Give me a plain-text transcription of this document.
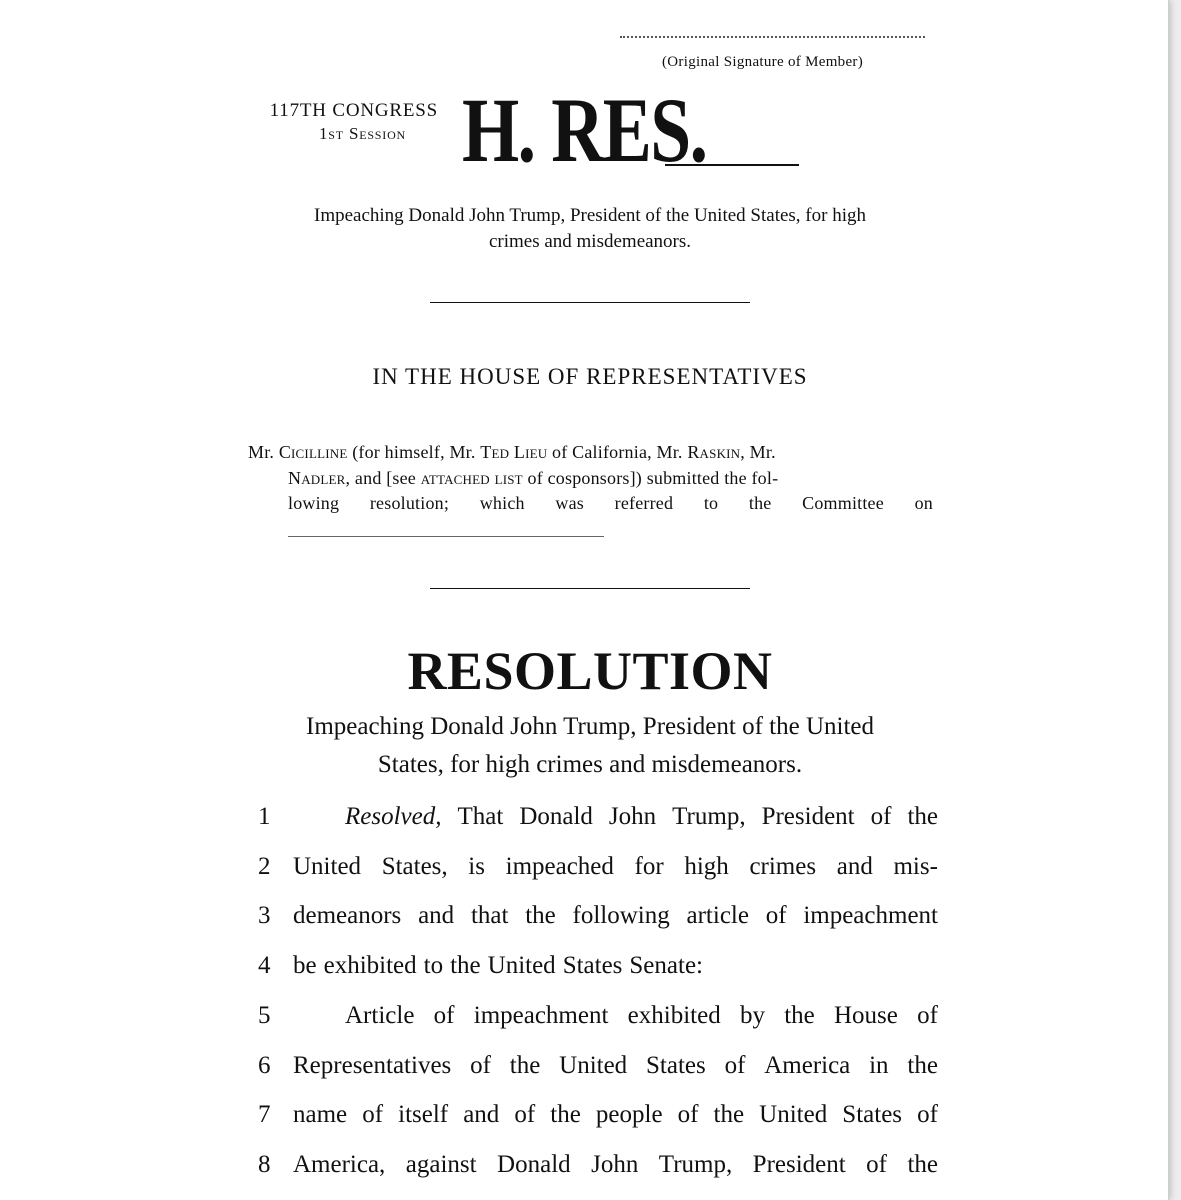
(Original Signature of Member)
117TH CONGRESS
1st Session H. RES.
Impeaching Donald John Trump, President of the United States, for high
crimes and misdemeanors.
IN THE HOUSE OF REPRESENTATIVES
Mr. Cicilline (for himself, Mr. Ted Lieu of California, Mr. Raskin, Mr.
Nadler, and [see attached list of cosponsors]) submitted the fol-
lowing resolution; which was referred to the Committee on
RESOLUTION
Impeaching Donald John Trump, President of the United
States, for high crimes and misdemeanors.
1	Resolved, That Donald John Trump, President of the
2 United States, is impeached for high crimes and mis-
3 demeanors and that the following article of impeachment
4 be exhibited to the United States Senate:
5	Article of impeachment exhibited by the House of
6 Representatives of the United States of America in the
7 name of itself and of the people of the United States of
8 America, against Donald John Trump, President of the
